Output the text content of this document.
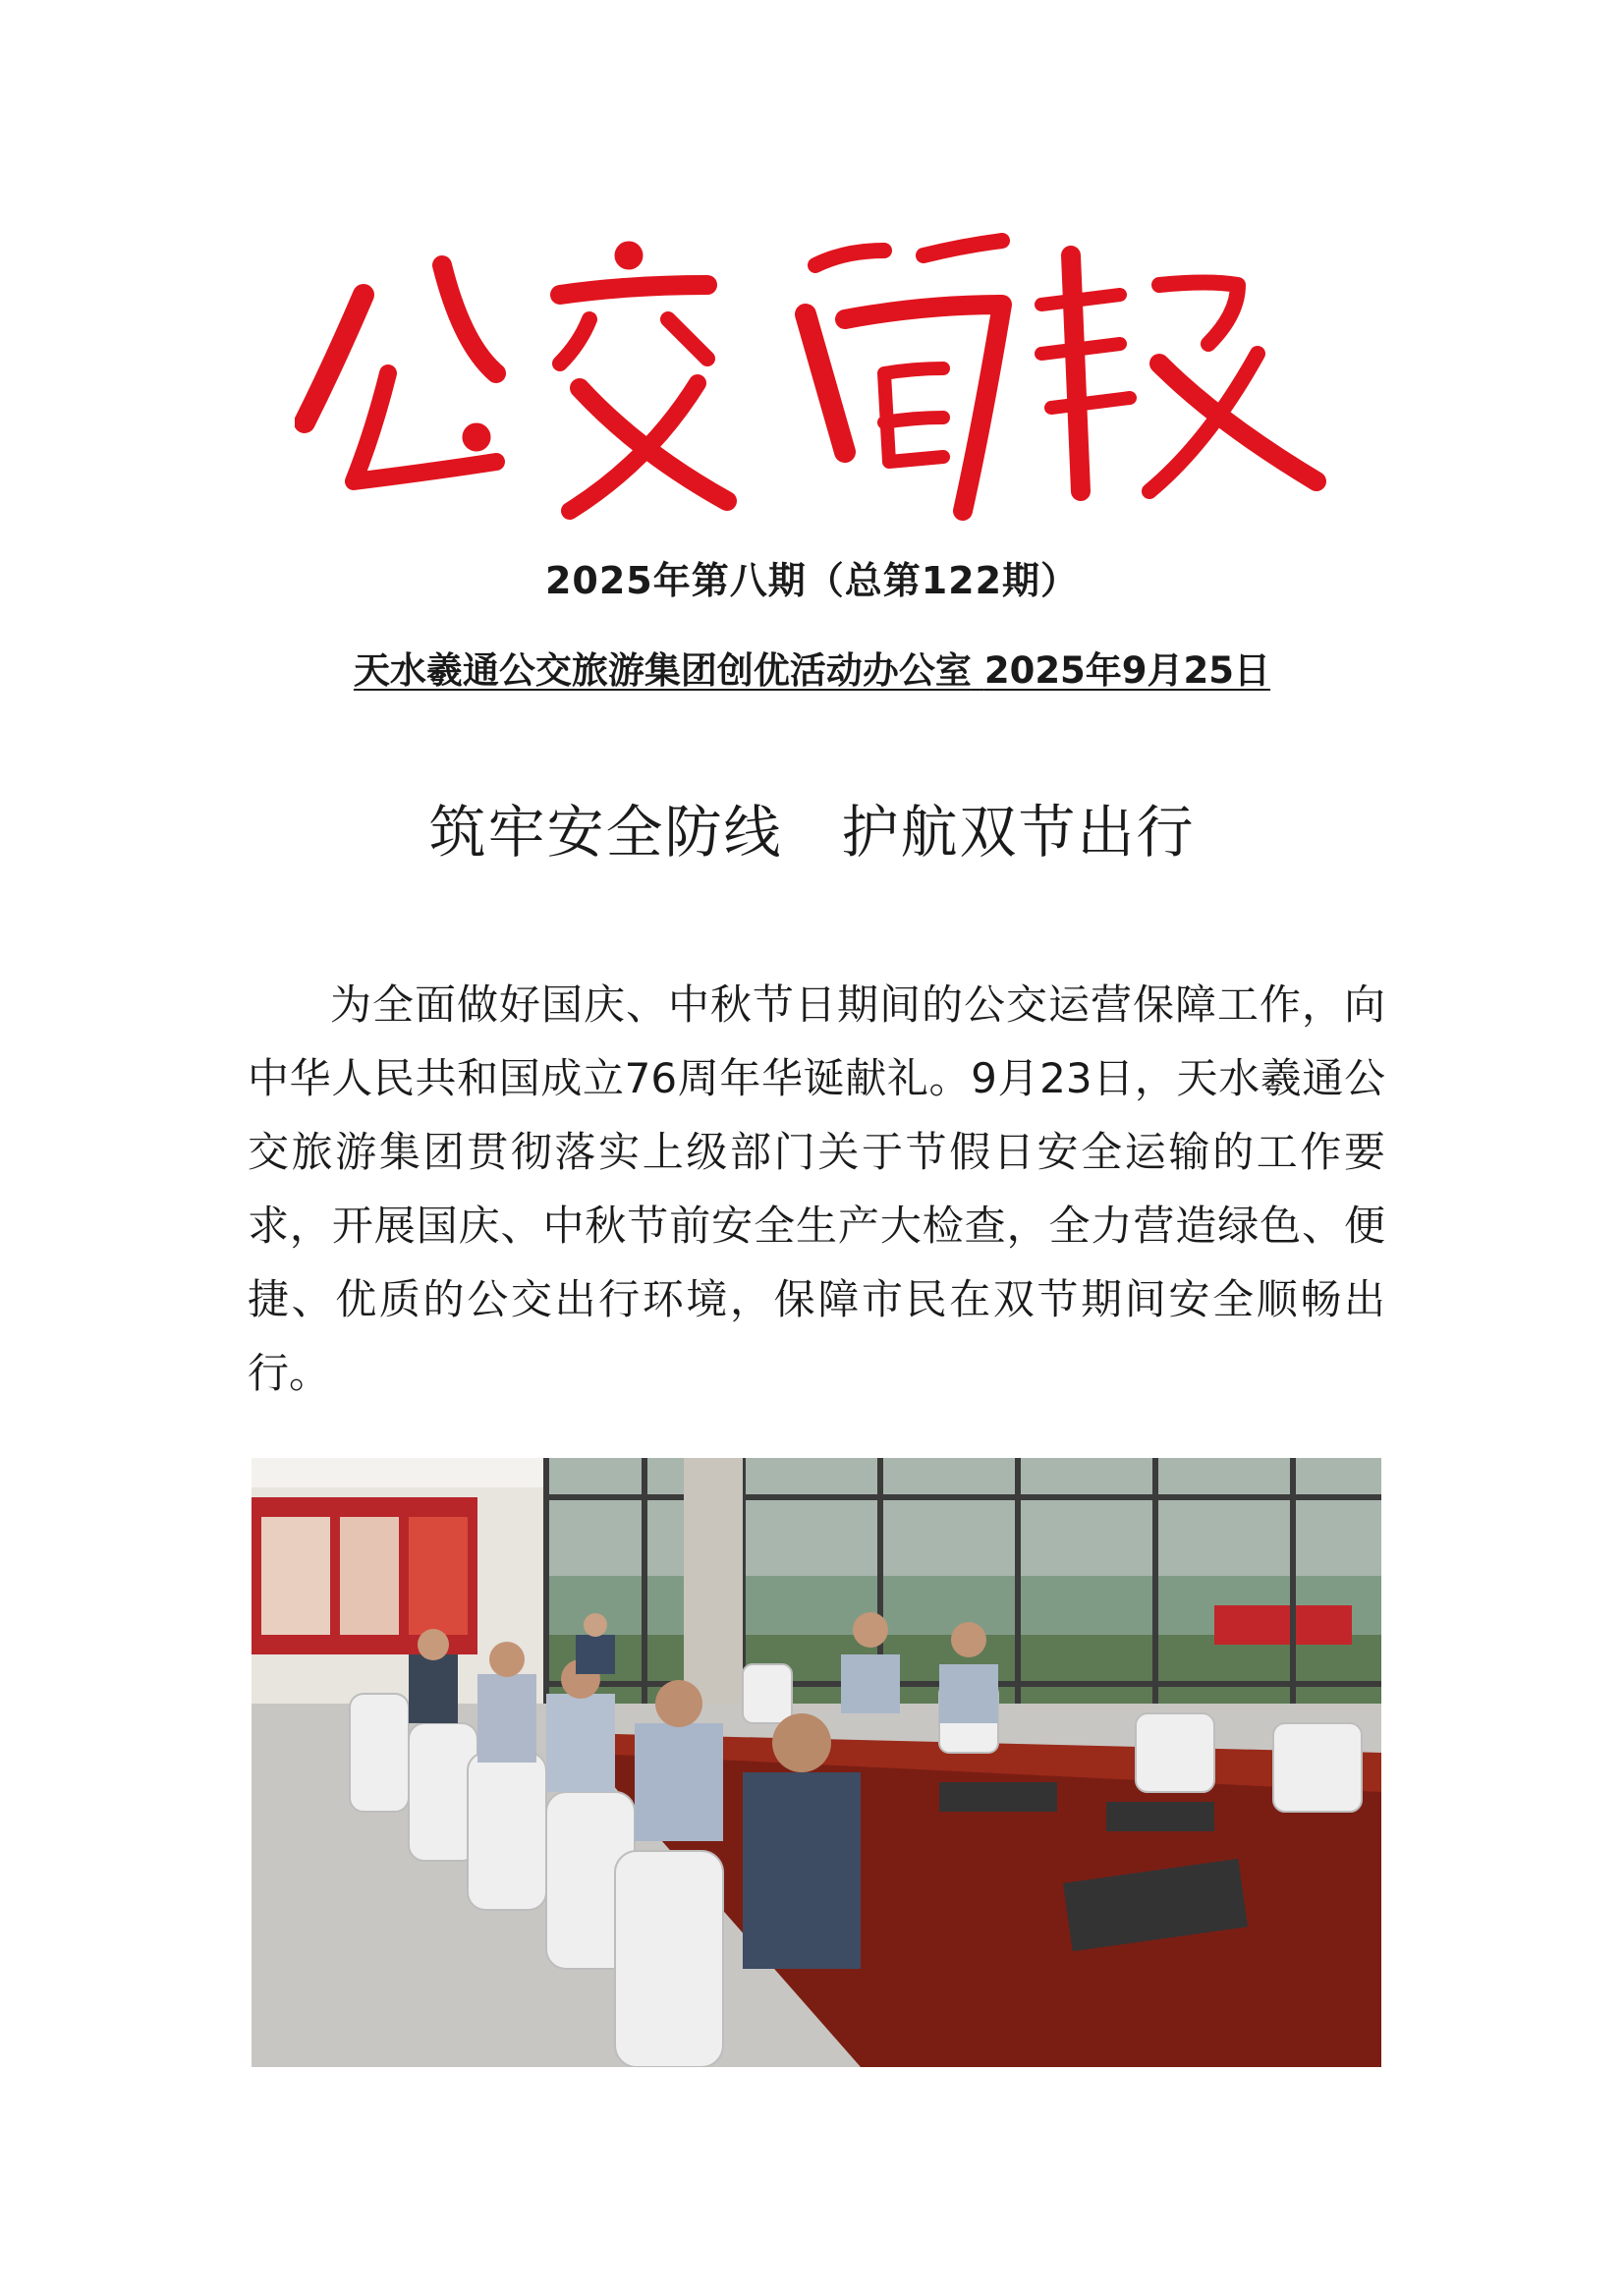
2025年第八期（总第122期）
天水羲通公交旅游集团创优活动办公室 2025年9月25日
筑牢安全防线 护航双节出行

为全面做好国庆、中秋节日期间的公交运营保障工作，向中华人民共和国成立76周年华诞献礼。9月23日，天水羲通公交旅游集团贯彻落实上级部门关于节假日安全运输的工作要求，开展国庆、中秋节前安全生产大检查，全力营造绿色、便捷、优质的公交出行环境，保障市民在双节期间安全顺畅出行。
